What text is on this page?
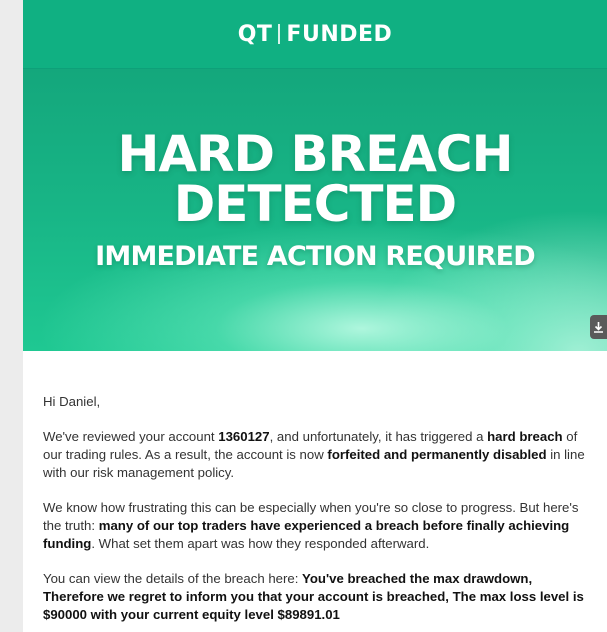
QT FUNDED
HARD BREACH
DETECTED
IMMEDIATE ACTION REQUIRED

Hi Daniel,

We've reviewed your account 1360127, and unfortunately, it has triggered a hard breach of our trading rules. As a result, the account is now forfeited and permanently disabled in line with our risk management policy.

We know how frustrating this can be especially when you're so close to progress. But here's the truth: many of our top traders have experienced a breach before finally achieving funding. What set them apart was how they responded afterward.

You can view the details of the breach here: You've breached the max drawdown, Therefore we regret to inform you that your account is breached, The max loss level is $90000 with your current equity level $89891.01
